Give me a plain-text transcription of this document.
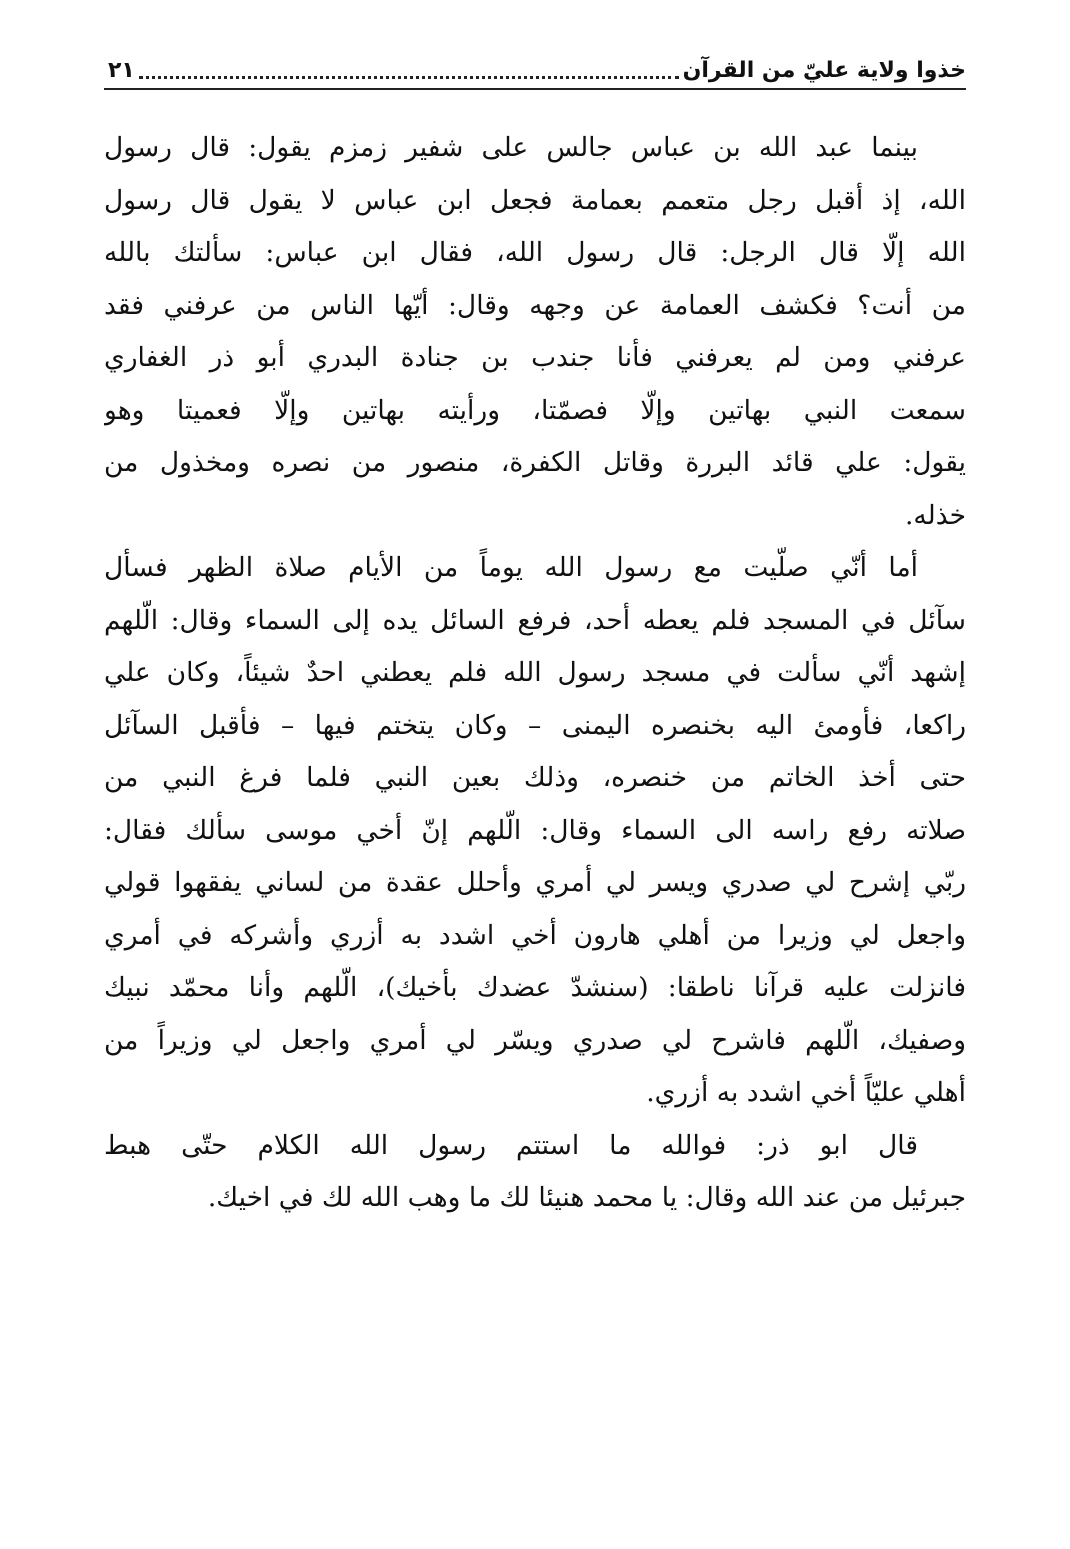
خذوا ولاية عليّ من القرآن
٢١
بينما عبد الله بن عباس جالس على شفير زمزم يقول: قال رسول
الله، إذ أقبل رجل متعمم بعمامة فجعل ابن عباس لا يقول قال رسول
الله إلّا قال الرجل: قال رسول الله، فقال ابن عباس: سألتك بالله
من أنت؟ فكشف العمامة عن وجهه وقال: أيّها الناس من عرفني فقد
عرفني ومن لم يعرفني فأنا جندب بن جنادة البدري أبو ذر الغفاري
سمعت النبي بهاتين وإلّا فصمّتا، ورأيته بهاتين وإلّا فعميتا وهو
يقول: علي قائد البررة وقاتل الكفرة، منصور من نصره ومخذول من
خذله.
أما أنّي صلّيت مع رسول الله يوماً من الأيام صلاة الظهر فسأل
سآئل في المسجد فلم يعطه أحد، فرفع السائل يده إلى السماء وقال: الّلهم
إشهد أنّي سألت في مسجد رسول الله فلم يعطني احدٌ شيئاً، وكان علي
راكعا، فأومئ اليه بخنصره اليمنى – وكان يتختم فيها – فأقبل السآئل
حتى أخذ الخاتم من خنصره، وذلك بعين النبي فلما فرغ النبي من
صلاته رفع راسه الى السماء وقال: الّلهم إنّ أخي موسى سألك فقال:
ربّي إشرح لي صدري ويسر لي أمري وأحلل عقدة من لساني يفقهوا قولي
واجعل لي وزيرا من أهلي هارون أخي اشدد به أزري وأشركه في أمري
فانزلت عليه قرآنا ناطقا: (سنشدّ عضدك بأخيك)، الّلهم وأنا محمّد نبيك
وصفيك، الّلهم فاشرح لي صدري ويسّر لي أمري واجعل لي وزيراً من
أهلي عليّاً أخي اشدد به أزري.
قال ابو ذر: فوالله ما استتم رسول الله الكلام حتّى هبط
جبرئيل من عند الله وقال: يا محمد هنيئا لك ما وهب الله لك في اخيك.
